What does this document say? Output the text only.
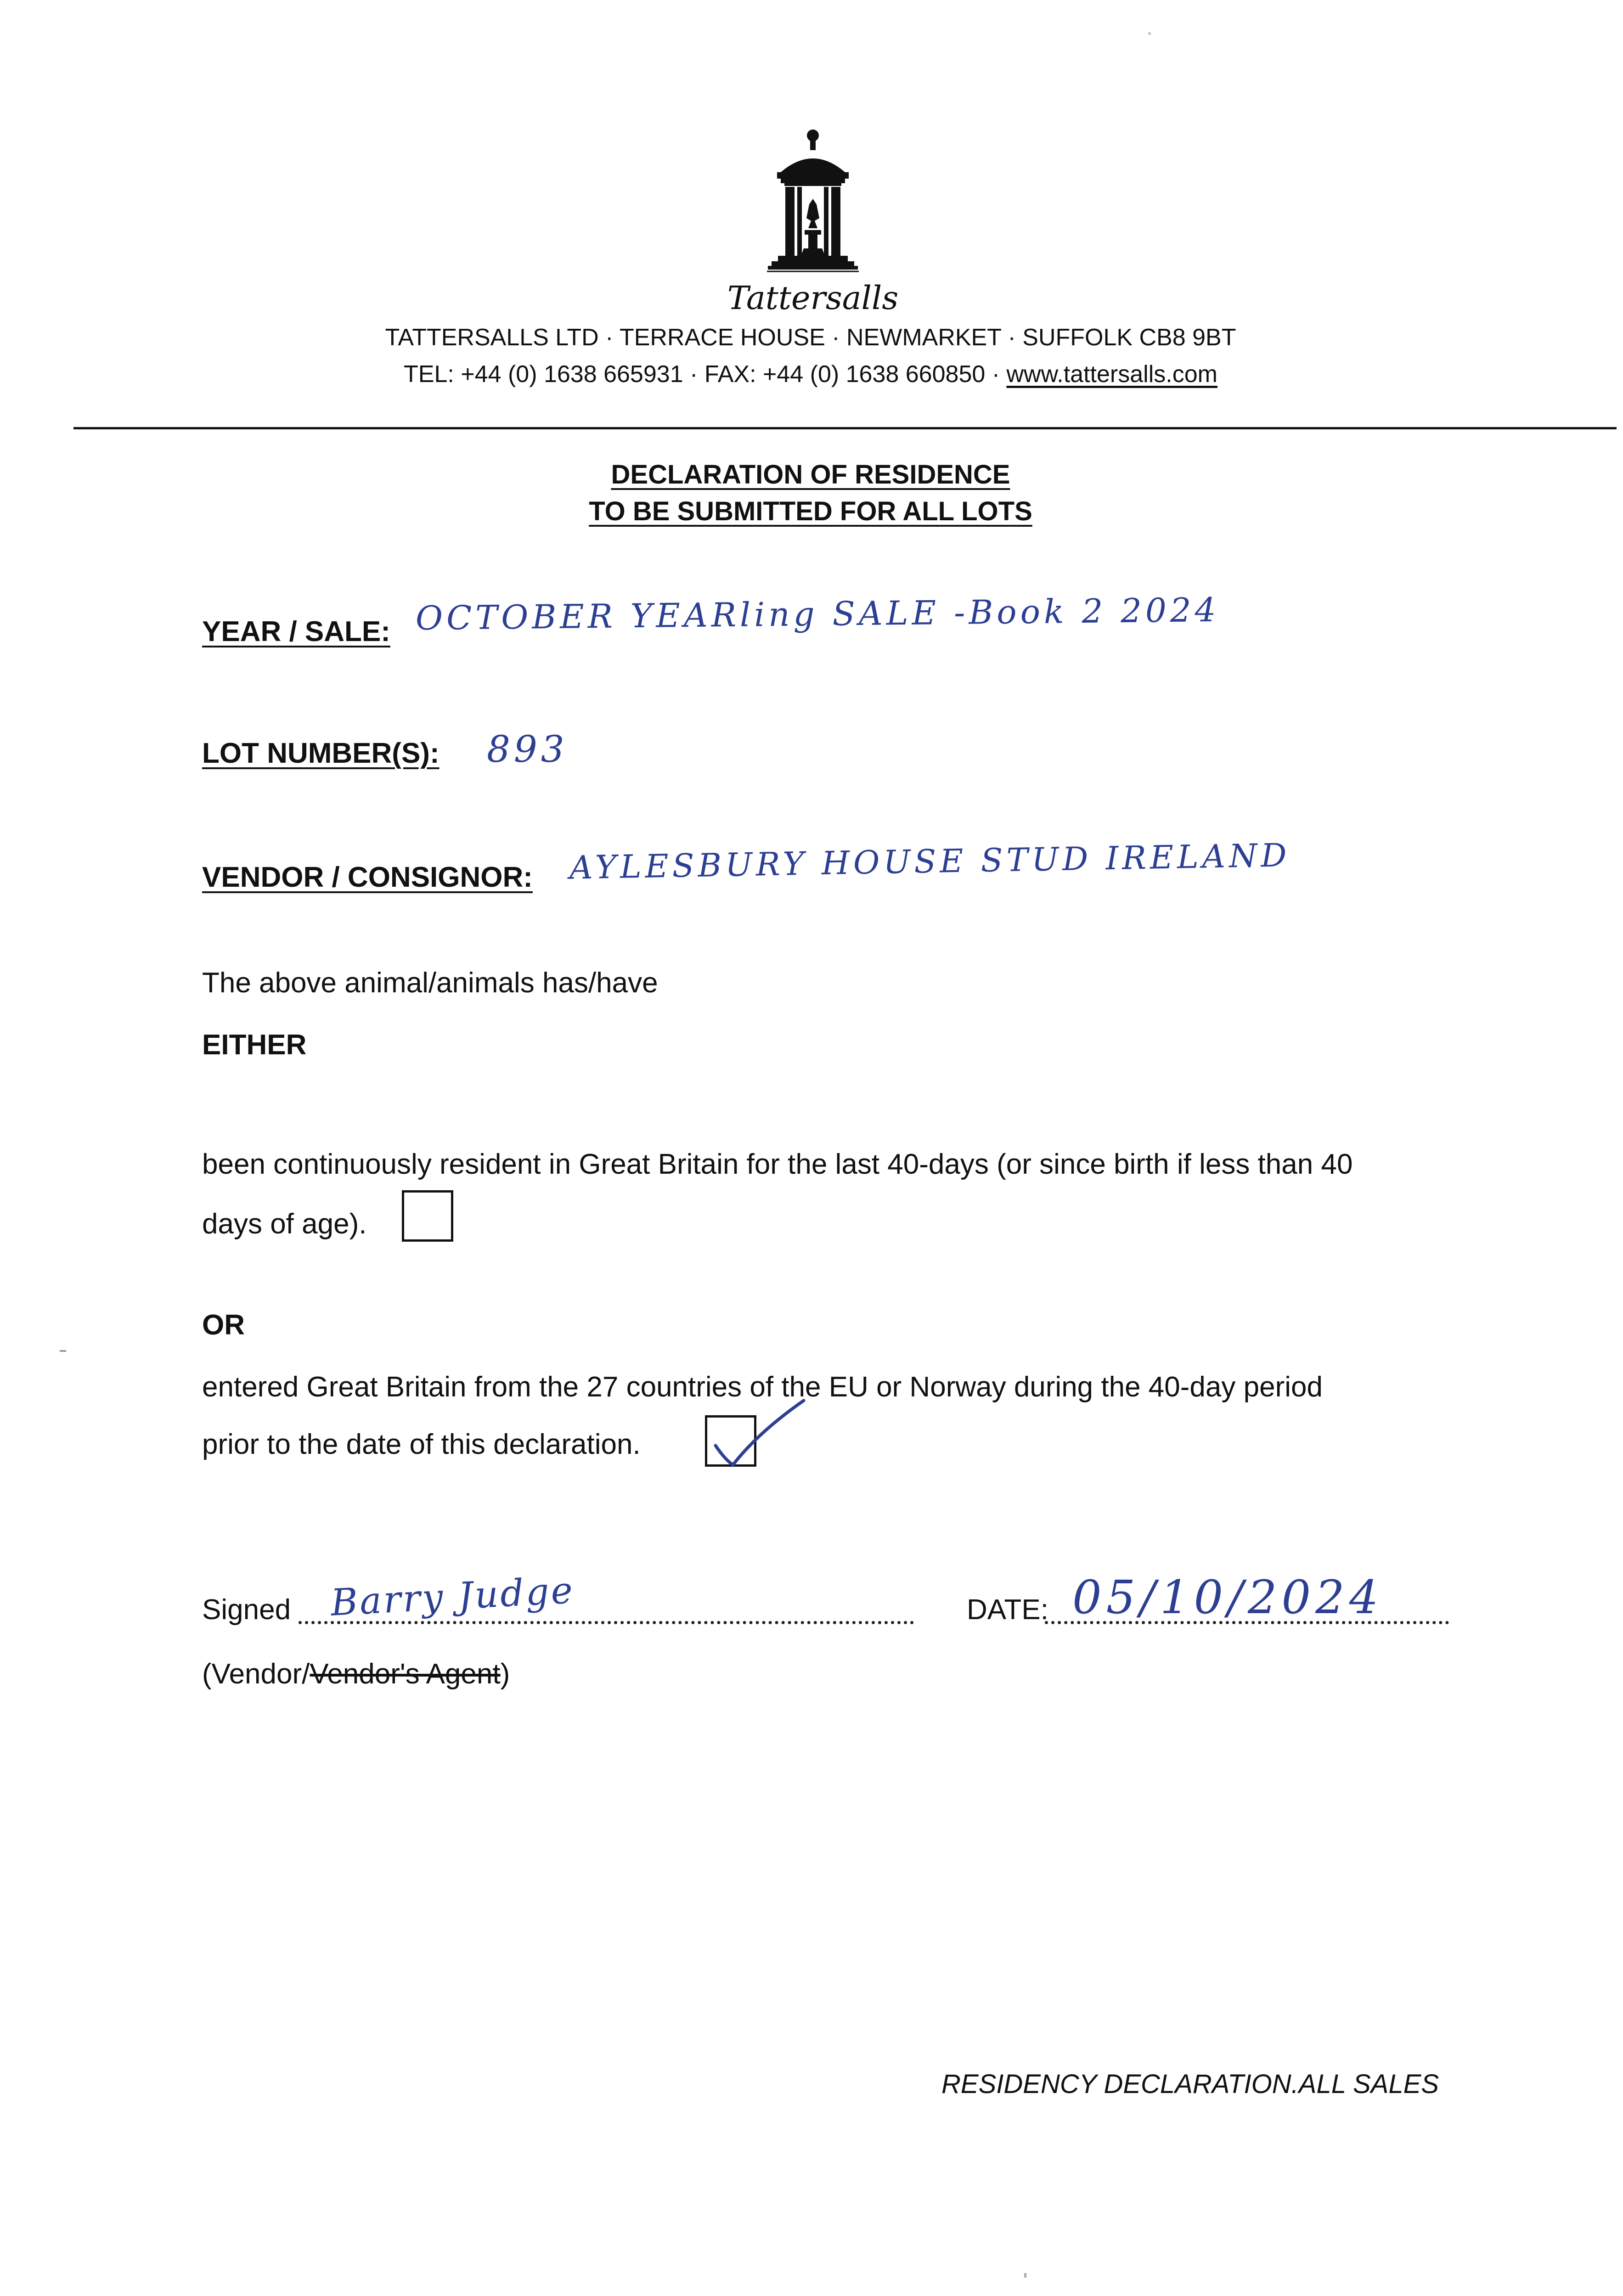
Tattersalls
TATTERSALLS LTD · TERRACE HOUSE · NEWMARKET · SUFFOLK CB8 9BT
TEL: +44 (0) 1638 665931 · FAX: +44 (0) 1638 660850 · www.tattersalls.com
DECLARATION OF RESIDENCE
TO BE SUBMITTED FOR ALL LOTS
YEAR / SALE: OCTOBER YEARling SALE -Book 2 2024
LOT NUMBER(S): 893
VENDOR / CONSIGNOR: AYLESBURY HOUSE STUD IRELAND
The above animal/animals has/have
EITHER
been continuously resident in Great Britain for the last 40-days (or since birth if less than 40
days of age).
OR
entered Great Britain from the 27 countries of the EU or Norway during the 40-day period
prior to the date of this declaration.
Signed Barry Judge	DATE: 05/10/2024
(Vendor/Vendor's Agent)
RESIDENCY DECLARATION.ALL SALES
